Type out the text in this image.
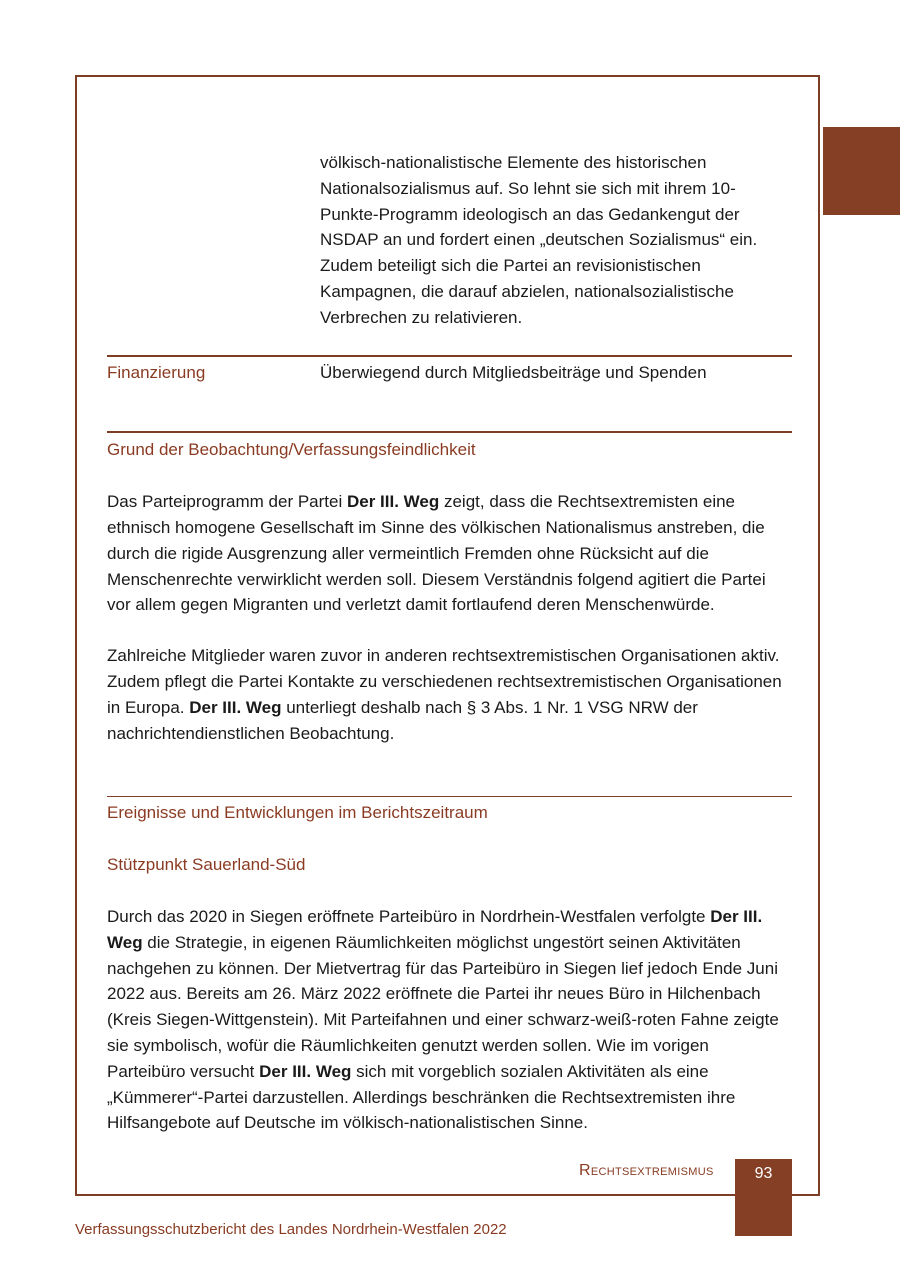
völkisch-nationalistische Elemente des historischen Nationalsozialismus auf. So lehnt sie sich mit ihrem 10-Punkte-Programm ideologisch an das Gedankengut der NSDAP an und fordert einen „deutschen Sozialismus“ ein. Zudem beteiligt sich die Partei an revisionistischen Kampagnen, die darauf abzielen, nationalsozialistische Verbrechen zu relativieren.

Finanzierung	Überwiegend durch Mitgliedsbeiträge und Spenden

Grund der Beobachtung/Verfassungsfeindlichkeit

Das Parteiprogramm der Partei Der III. Weg zeigt, dass die Rechtsextremisten eine ethnisch homogene Gesellschaft im Sinne des völkischen Nationalismus anstreben, die durch die rigide Ausgrenzung aller vermeintlich Fremden ohne Rücksicht auf die Menschenrechte verwirklicht werden soll. Diesem Verständnis folgend agitiert die Partei vor allem gegen Migranten und verletzt damit fortlaufend deren Menschenwürde.

Zahlreiche Mitglieder waren zuvor in anderen rechtsextremistischen Organisationen aktiv. Zudem pflegt die Partei Kontakte zu verschiedenen rechtsextremistischen Organisationen in Europa. Der III. Weg unterliegt deshalb nach § 3 Abs. 1 Nr. 1 VSG NRW der nachrichtendienstlichen Beobachtung.

Ereignisse und Entwicklungen im Berichtszeitraum

Stützpunkt Sauerland-Süd

Durch das 2020 in Siegen eröffnete Parteibüro in Nordrhein-Westfalen verfolgte Der III. Weg die Strategie, in eigenen Räumlichkeiten möglichst ungestört seinen Aktivitäten nachgehen zu können. Der Mietvertrag für das Parteibüro in Siegen lief jedoch Ende Juni 2022 aus. Bereits am 26. März 2022 eröffnete die Partei ihr neues Büro in Hilchenbach (Kreis Siegen-Wittgenstein). Mit Parteifahnen und einer schwarz-weiß-roten Fahne zeigte sie symbolisch, wofür die Räumlichkeiten genutzt werden sollen. Wie im vorigen Parteibüro versucht Der III. Weg sich mit vorgeblich sozialen Aktivitäten als eine „Kümmerer“-Partei darzustellen. Allerdings beschränken die Rechtsextremisten ihre Hilfsangebote auf Deutsche im völkisch-nationalistischen Sinne.

Rechtsextremismus	93
Verfassungsschutzbericht des Landes Nordrhein-Westfalen 2022
